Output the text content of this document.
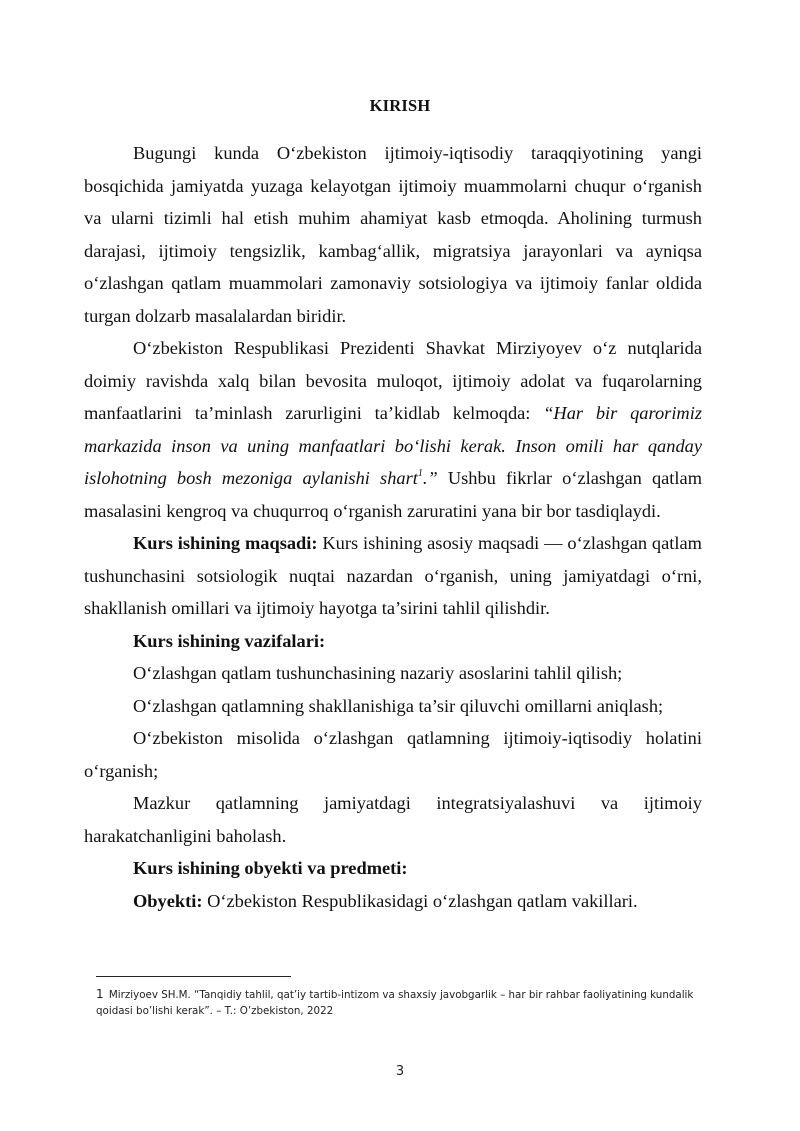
KIRISH

Bugungi kunda O‘zbekiston ijtimoiy-iqtisodiy taraqqiyotining yangi bosqichida jamiyatda yuzaga kelayotgan ijtimoiy muammolarni chuqur o‘rganish va ularni tizimli hal etish muhim ahamiyat kasb etmoqda. Aholining turmush darajasi, ijtimoiy tengsizlik, kambag‘allik, migratsiya jarayonlari va ayniqsa o‘zlashgan qatlam muammolari zamonaviy sotsiologiya va ijtimoiy fanlar oldida turgan dolzarb masalalardan biridir.

O‘zbekiston Respublikasi Prezidenti Shavkat Mirziyoyev o‘z nutqlarida doimiy ravishda xalq bilan bevosita muloqot, ijtimoiy adolat va fuqarolarning manfaatlarini ta’minlash zarurligini ta’kidlab kelmoqda: “Har bir qarorimiz markazida inson va uning manfaatlari bo‘lishi kerak. Inson omili har qanday islohotning bosh mezoniga aylanishi shart$^1$.” Ushbu fikrlar o‘zlashgan qatlam masalasini kengroq va chuqurroq o‘rganish zaruratini yana bir bor tasdiqlaydi.

Kurs ishining maqsadi: Kurs ishining asosiy maqsadi — o‘zlashgan qatlam tushunchasini sotsiologik nuqtai nazardan o‘rganish, uning jamiyatdagi o‘rni, shakllanish omillari va ijtimoiy hayotga ta’sirini tahlil qilishdir.

Kurs ishining vazifalari:

O‘zlashgan qatlam tushunchasining nazariy asoslarini tahlil qilish;

O‘zlashgan qatlamning shakllanishiga ta’sir qiluvchi omillarni aniqlash;

O‘zbekiston misolida o‘zlashgan qatlamning ijtimoiy-iqtisodiy holatini o‘rganish;

Mazkur qatlamning jamiyatdagi integratsiyalashuvi va ijtimoiy harakatchanligini baholash.

Kurs ishining obyekti va predmeti:

Obyekti: O‘zbekiston Respublikasidagi o‘zlashgan qatlam vakillari.

1 Mirziyoev SH.M. “Tanqidiy tahlil, qat’iy tartib-intizom va shaxsiy javobgarlik – har bir rahbar faoliyatining kundalik qoidasi bo’lishi kerak”. – T.: O’zbekiston, 2022
3
